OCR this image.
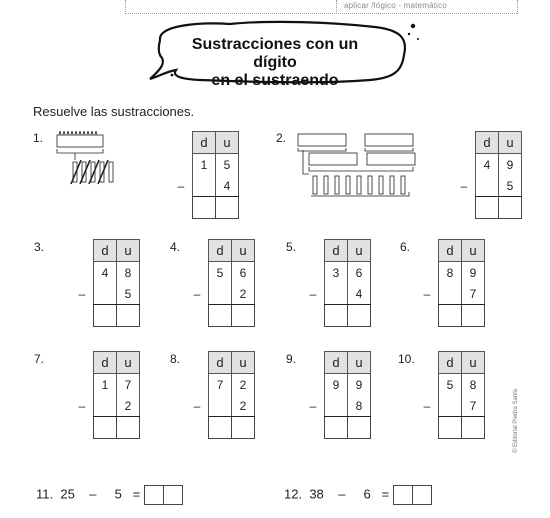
aplicar /lógico - matemático
Sustracciones con un dígito
en el sustraendo
Resuelve las sustracciones.
1.
		d	u
	1	5
–		4

2.
		d	u
	4	9
–		5

3.
		d	u
	4	8
–		5

4.
		d	u
	5	6
–		2

5.
		d	u
	3	6
–		4

6.
		d	u
	8	9
–		7

7.
		d	u
	1	7
–		2

8.
		d	u
	7	2
–		2

9.
		d	u
	9	9
–		8

10.
	d	u
	5	8
–		7

11. 25 – 5 =	12. 38 – 6 =
© Editorial Piedra Santa
